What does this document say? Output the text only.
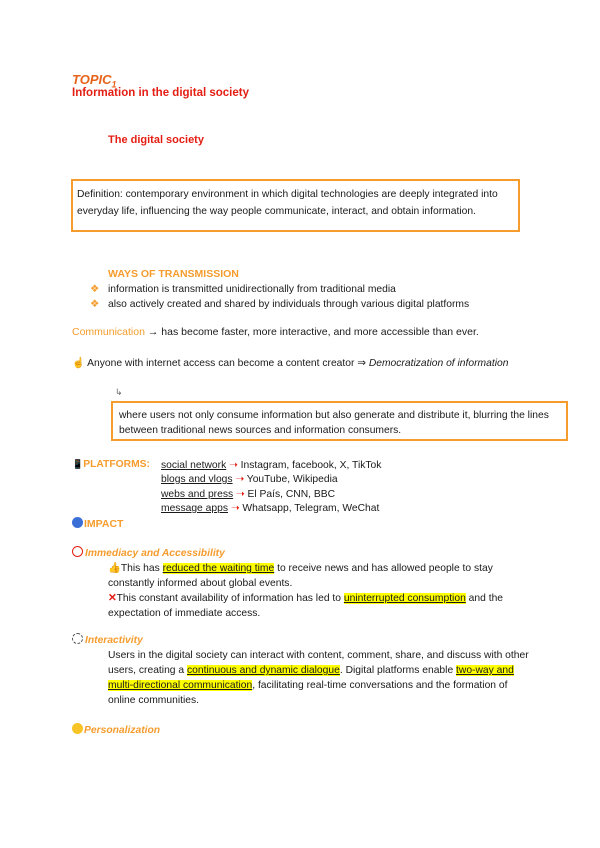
$TOPIC_1$
Information in the digital society
The digital society
Definition: contemporary environment in which digital technologies are deeply integrated into everyday life, influencing the way people communicate, interact, and obtain information.
WAYS OF TRANSMISSION
❖ information is transmitted unidirectionally from traditional media
❖ also actively created and shared by individuals through various digital platforms
Communication → has become faster, more interactive, and more accessible than ever.
☝ Anyone with internet access can become a content creator ⇒ Democratization of information
↳
where users not only consume information but also generate and distribute it, blurring the lines between traditional news sources and information consumers.
📱PLATFORMS: social network ➝ Instagram, facebook, X, TikTok
blogs and vlogs ➝ YouTube, Wikipedia
webs and press ➝ El País, CNN, BBC
message apps ➝ Whatsapp, Telegram, WeChat
IMPACT
Immediacy and Accessibility
👍This has reduced the waiting time to receive news and has allowed people to stay constantly informed about global events.
✕This constant availability of information has led to uninterrupted consumption and the expectation of immediate access.
Interactivity
Users in the digital society can interact with content, comment, share, and discuss with other users, creating a continuous and dynamic dialogue. Digital platforms enable two-way and multi-directional communication, facilitating real-time conversations and the formation of online communities.
Personalization
